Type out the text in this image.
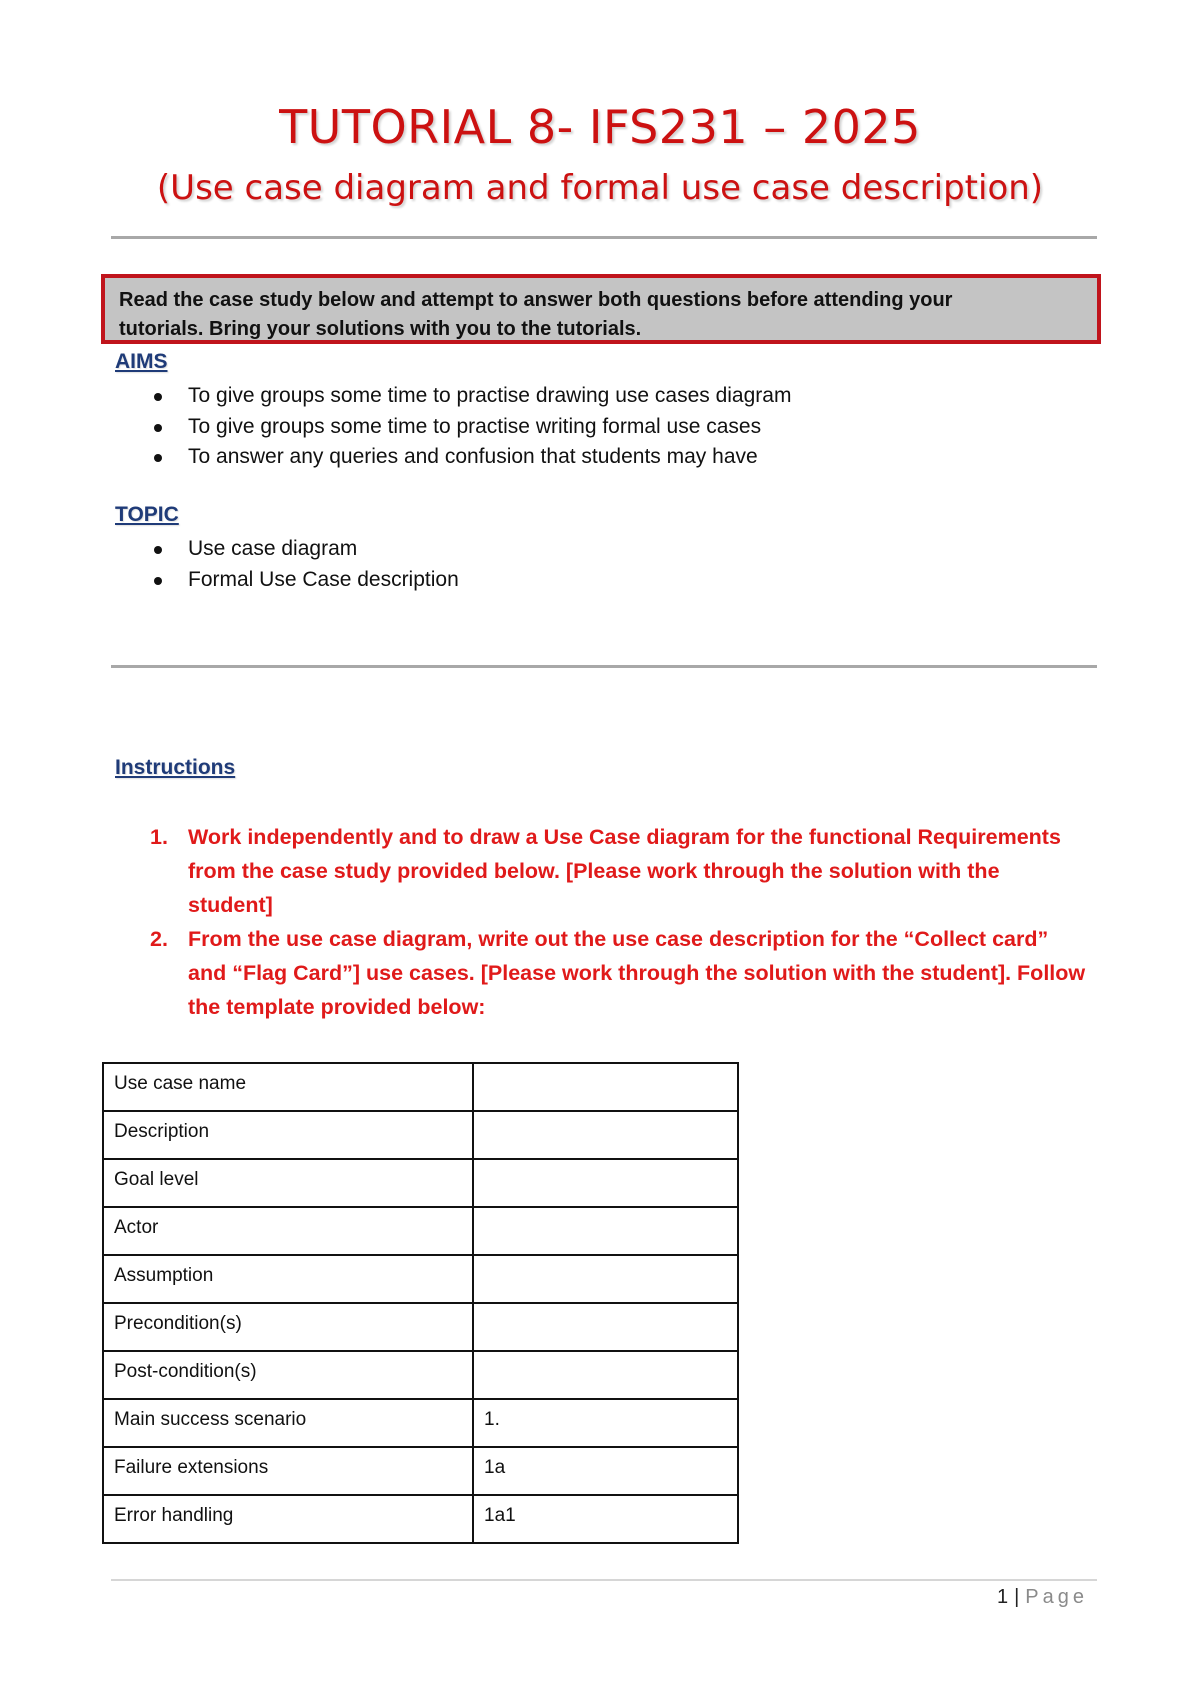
TUTORIAL 8- IFS231 – 2025
(Use case diagram and formal use case description)
Read the case study below and attempt to answer both questions before attending your
tutorials. Bring your solutions with you to the tutorials.
AIMS
To give groups some time to practise drawing use cases diagram
To give groups some time to practise writing formal use cases
To answer any queries and confusion that students may have
TOPIC
Use case diagram
Formal Use Case description
Instructions
1. Work independently and to draw a Use Case diagram for the functional Requirements from the case study provided below. [Please work through the solution with the student]
2. From the use case diagram, write out the use case description for the “Collect card” and “Flag Card”] use cases. [Please work through the solution with the student]. Follow the template provided below:
Use case name	
Description	
Goal level	
Actor	
Assumption	
Precondition(s)	
Post-condition(s)	
Main success scenario	1.
Failure extensions	1a
Error handling	1a1
1 | Page
